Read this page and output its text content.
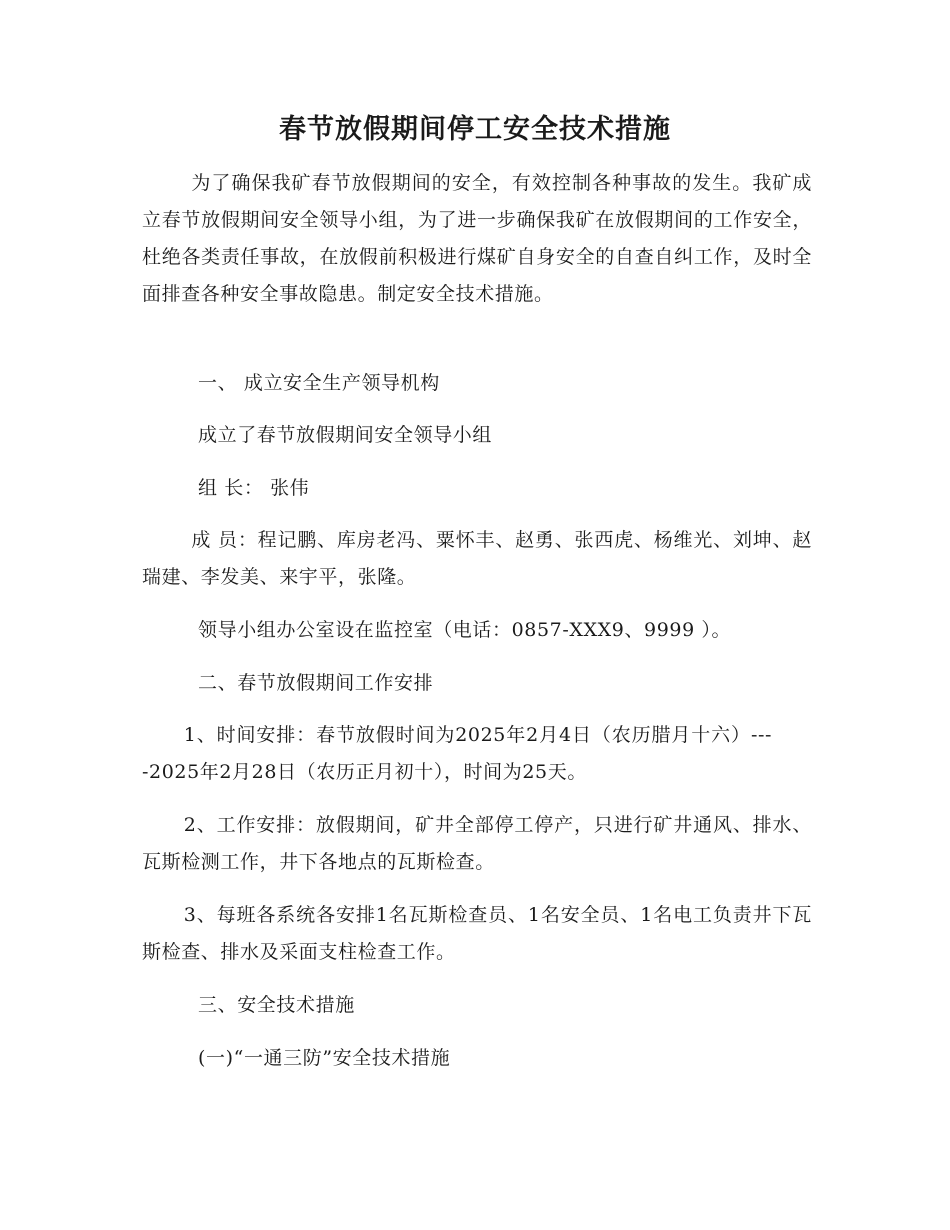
春节放假期间停工安全技术措施
为了确保我矿春节放假期间的安全，有效控制各种事故的发生。我矿成立春节放假期间安全领导小组，为了进一步确保我矿在放假期间的工作安全，杜绝各类责任事故，在放假前积极进行煤矿自身安全的自查自纠工作，及时全面排查各种安全事故隐患。制定安全技术措施。
一、 成立安全生产领导机构
成立了春节放假期间安全领导小组
组 长： 张伟
成 员：程记鹏、库房老冯、粟怀丰、赵勇、张西虎、杨维光、刘坤、赵瑞建、李发美、来宇平，张隆。
领导小组办公室设在监控室（电话：0857-XXX9、9999 ）。
二、春节放假期间工作安排
1、时间安排：春节放假时间为2025年2月4日（农历腊月十六）----2025年2月28日（农历正月初十），时间为25天。
2、工作安排：放假期间，矿井全部停工停产，只进行矿井通风、排水、瓦斯检测工作，井下各地点的瓦斯检查。
3、每班各系统各安排1名瓦斯检查员、1名安全员、1名电工负责井下瓦斯检查、排水及采面支柱检查工作。
三、安全技术措施
(一)“一通三防”安全技术措施
